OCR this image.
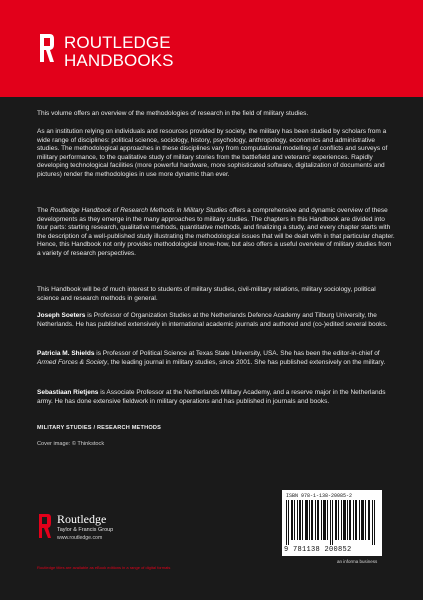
ROUTLEDGE
HANDBOOKS

This volume offers an overview of the methodologies of research in the field of military studies.

As an institution relying on individuals and resources provided by society, the military has been studied by scholars from a wide range of disciplines: political science, sociology, history, psychology, anthropology, economics and administrative studies. The methodological approaches in these disciplines vary from computational modelling of conflicts and surveys of military performance, to the qualitative study of military stories from the battlefield and veterans' experiences. Rapidly developing technological facilities (more powerful hardware, more sophisticated software, digitalization of documents and pictures) render the methodologies in use more dynamic than ever.

The Routledge Handbook of Research Methods in Military Studies offers a comprehensive and dynamic overview of these developments as they emerge in the many approaches to military studies. The chapters in this Handbook are divided into four parts: starting research, qualitative methods, quantitative methods, and finalizing a study, and every chapter starts with the description of a well-published study illustrating the methodological issues that will be dealt with in that particular chapter. Hence, this Handbook not only provides methodological know-how, but also offers a useful overview of military studies from a variety of research perspectives.

This Handbook will be of much interest to students of military studies, civil-military relations, military sociology, political science and research methods in general.

Joseph Soeters is Professor of Organization Studies at the Netherlands Defence Academy and Tilburg University, the Netherlands. He has published extensively in international academic journals and authored and (co-)edited several books.

Patricia M. Shields is Professor of Political Science at Texas State University, USA. She has been the editor-in-chief of Armed Forces & Society, the leading journal in military studies, since 2001. She has published extensively on the military.

Sebastiaan Rietjens is Associate Professor at the Netherlands Military Academy, and a reserve major in the Netherlands army. He has done extensive fieldwork in military operations and has published in journals and books.

MILITARY STUDIES / RESEARCH METHODS
Cover image: © Thinkstock
Routledge
Taylor & Francis Group
www.routledge.com
ISBN 978-1-138-20085-2
9 781138 200852
an informa business
Routledge titles are available as eBook editions in a range of digital formats
